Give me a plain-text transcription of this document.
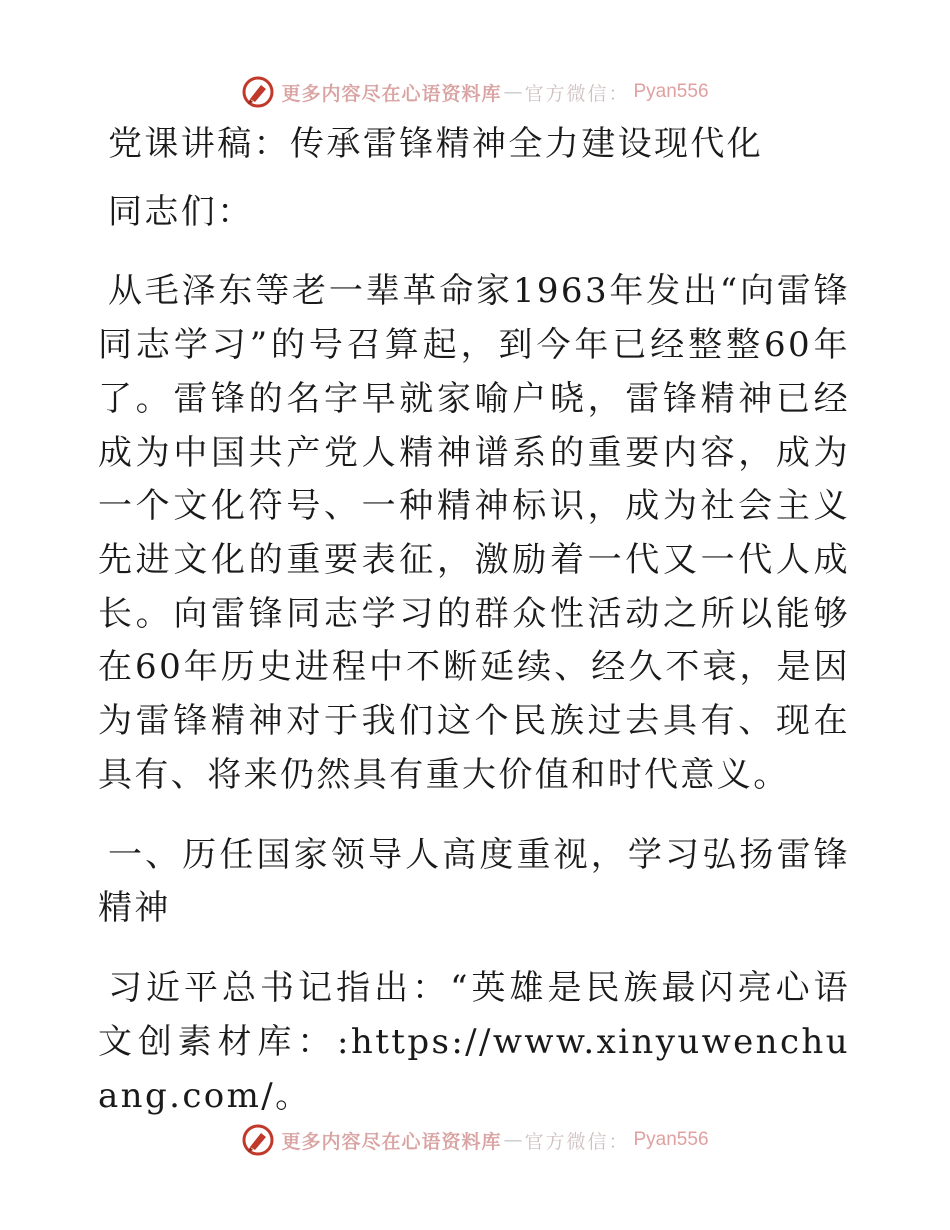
更多内容尽在心语资料库 — 官方微信： Pyan556

党课讲稿：传承雷锋精神全力建设现代化

同志们：

从毛泽东等老一辈革命家1963年发出“向雷锋同志学习”的号召算起，到今年已经整整60年了。雷锋的名字早就家喻户晓，雷锋精神已经成为中国共产党人精神谱系的重要内容，成为一个文化符号、一种精神标识，成为社会主义先进文化的重要表征，激励着一代又一代人成长。向雷锋同志学习的群众性活动之所以能够在60年历史进程中不断延续、经久不衰，是因为雷锋精神对于我们这个民族过去具有、现在具有、将来仍然具有重大价值和时代意义。

一、历任国家领导人高度重视，学习弘扬雷锋精神

习近平总书记指出：“英雄是民族最闪亮心语文创素材库：:https://www.xinyuwenchuang.com/。

更多内容尽在心语资料库 — 官方微信： Pyan556
